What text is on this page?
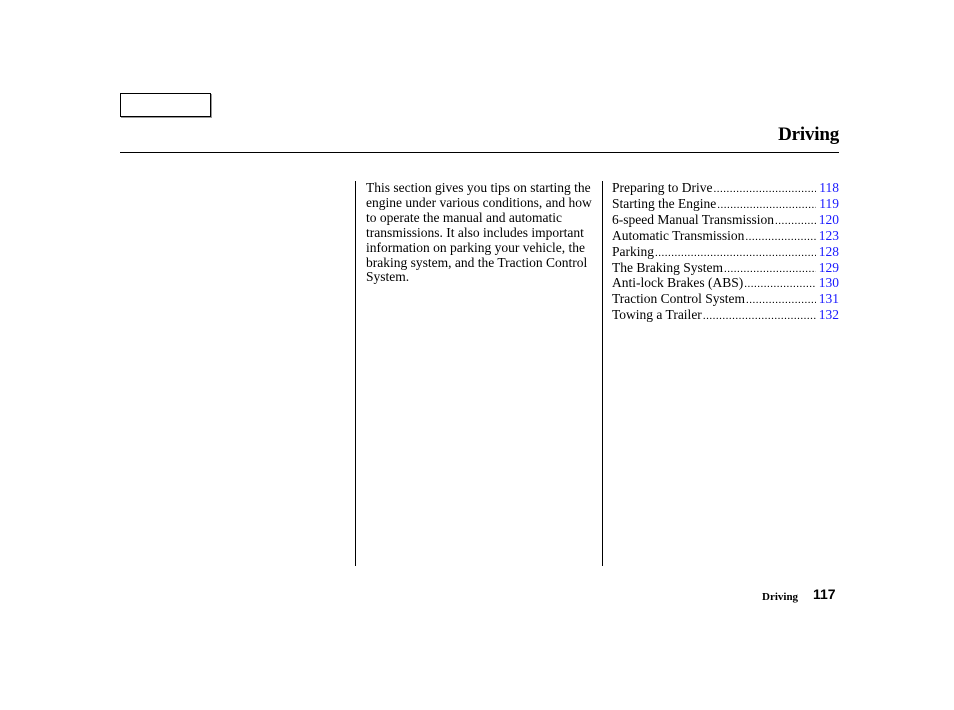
Driving

This section gives you tips on starting the engine under various conditions, and how to operate the manual and automatic transmissions. It also includes important information on parking your vehicle, the braking system, and the Traction Control System.

Preparing to Drive .....	118
Starting the Engine .....	119
6-speed Manual Transmission .....	120
Automatic Transmission .....	123
Parking .....	128
The Braking System .....	129
Anti-lock Brakes (ABS) .....	130
Traction Control System .....	131
Towing a Trailer .....	132
Driving 117
